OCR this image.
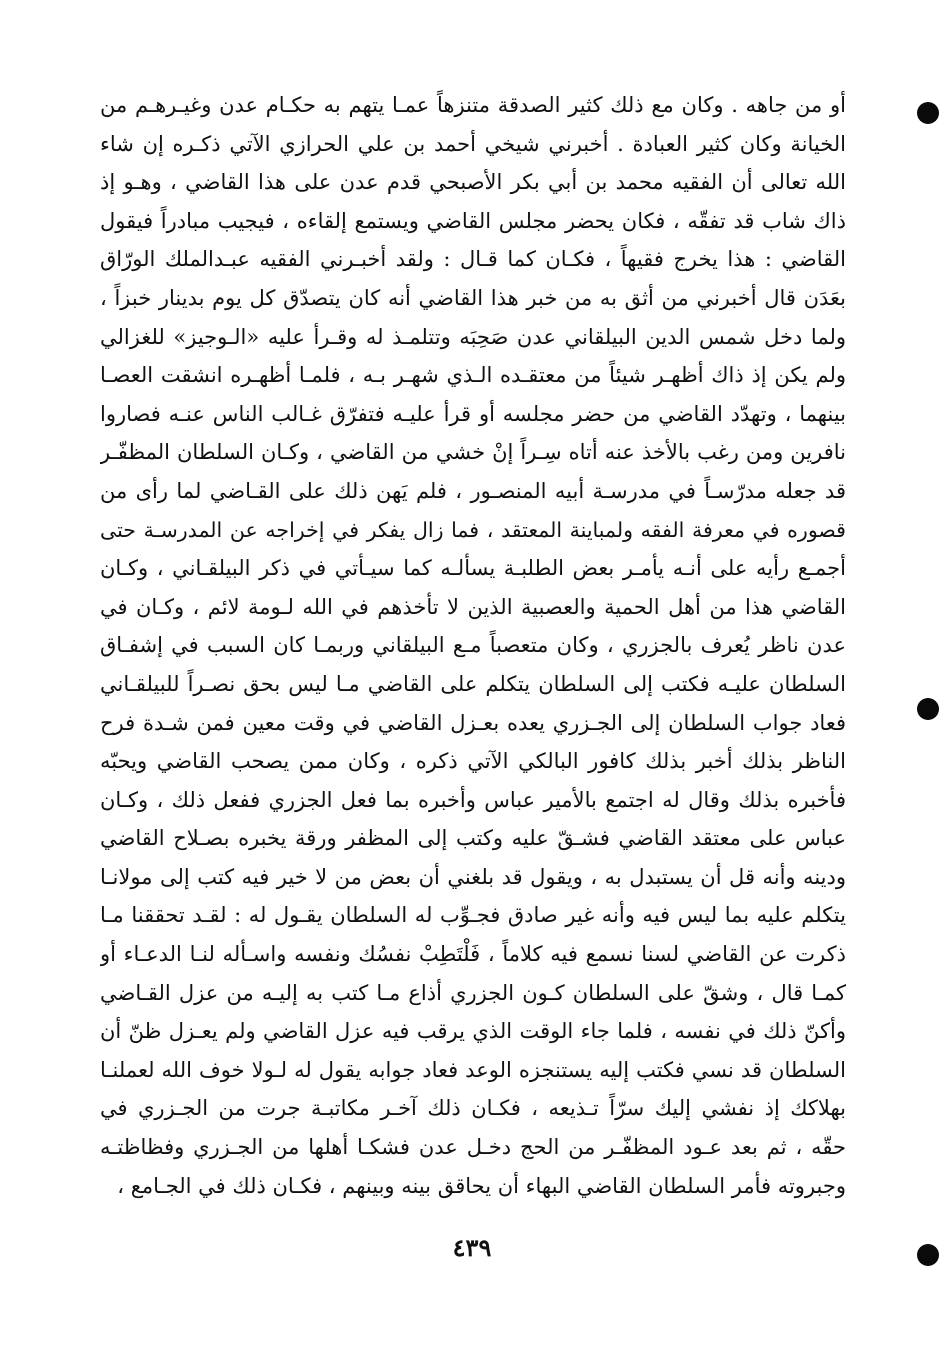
أو من جاهه . وكان مع ذلك كثير الصدقة متنزهاً عمـا يتهم به حكـام عدن وغيـرهـم من
الخيانة وكان كثير العبادة . أخبرني شيخي أحمد بن علي الحرازي الآتي ذكـره إن شاء
الله تعالى أن الفقيه محمد بن أبي بكر الأصبحي قدم عدن على هذا القاضي ، وهـو إذ
ذاك شاب قد تفقّه ، فكان يحضر مجلس القاضي ويستمع إلقاءه ، فيجيب مبادراً فيقول
القاضي : هذا يخرج فقيهاً ، فكـان كما قـال : ولقد أخبـرني الفقيه عبـدالملك الورّاق
بعَدَن قال أخبرني من أثق به من خبر هذا القاضي أنه كان يتصدّق كل يوم بدينار خبزاً ،
ولما دخل شمس الدين البيلقاني عدن صَحِبَه وتتلمـذ له وقـرأ عليه «الـوجيز» للغزالي
ولم يكن إذ ذاك أظهـر شيئاً من معتقـده الـذي شهـر بـه ، فلمـا أظهـره انشقت العصـا
بينهما ، وتهدّد القاضي من حضر مجلسه أو قرأ عليـه فتفرّق غـالب الناس عنـه فصاروا
نافرين ومن رغب بالأخذ عنه أتاه سِـراً إنْ خشي من القاضي ، وكـان السلطان المظفّـر
قد جعله مدرّسـاً في مدرسـة أبيه المنصـور ، فلم يَهن ذلك على القـاضي لما رأى من
قصوره في معرفة الفقه ولمباينة المعتقد ، فما زال يفكر في إخراجه عن المدرسـة حتى
أجمـع رأيه على أنـه يأمـر بعض الطلبـة يسألـه كما سيـأتي في ذكر البيلقـاني ، وكـان
القاضي هذا من أهل الحمية والعصبية الذين لا تأخذهم في الله لـومة لائم ، وكـان في
عدن ناظر يُعرف بالجزري ، وكان متعصباً مـع البيلقاني وربمـا كان السبب في إشفـاق
السلطان عليـه فكتب إلى السلطان يتكلم على القاضي مـا ليس بحق نصـراً للبيلقـاني
فعاد جواب السلطان إلى الجـزري يعده بعـزل القاضي في وقت معين فمن شـدة فرح
الناظر بذلك أخبر بذلك كافور البالكي الآتي ذكره ، وكان ممن يصحب القاضي ويحبّه
فأخبره بذلك وقال له اجتمع بالأمير عباس وأخبره بما فعل الجزري ففعل ذلك ، وكـان
عباس على معتقد القاضي فشـقّ عليه وكتب إلى المظفر ورقة يخبره بصـلاح القاضي
ودينه وأنه قل أن يستبدل به ، ويقول قد بلغني أن بعض من لا خير فيه كتب إلى مولانـا
يتكلم عليه بما ليس فيه وأنه غير صادق فجـوِّب له السلطان يقـول له : لقـد تحققنا مـا
ذكرت عن القاضي لسنا نسمع فيه كلاماً ، فَلْتَطِبْ نفسُك ونفسه واسـأله لنـا الدعـاء أو
كمـا قال ، وشقّ على السلطان كـون الجزري أذاع مـا كتب به إليـه من عزل القـاضي
وأكنّ ذلك في نفسه ، فلما جاء الوقت الذي يرقب فيه عزل القاضي ولم يعـزل ظنّ أن
السلطان قد نسي فكتب إليه يستنجزه الوعد فعاد جوابه يقول له لـولا خوف الله لعملنـا
بهلاكك إذ نفشي إليك سرّاً تـذيعه ، فكـان ذلك آخـر مكاتبـة جرت من الجـزري في
حقّه ، ثم بعد عـود المظفّـر من الحج دخـل عدن فشكـا أهلها من الجـزري وفظاظتـه
وجبروته فأمر السلطان القاضي البهاء أن يحاقق بينه وبينهم ، فكـان ذلك في الجـامع ،
٤٣٩
